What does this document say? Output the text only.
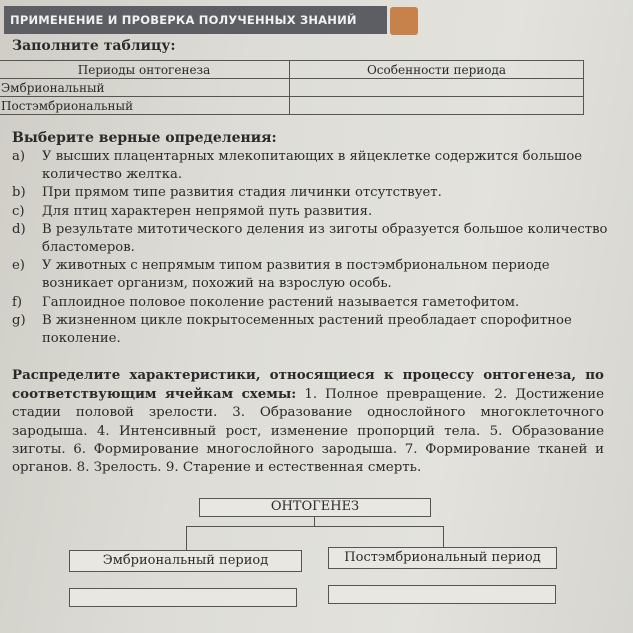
ПРИМЕНЕНИЕ И ПРОВЕРКА ПОЛУЧЕННЫХ ЗНАНИЙ
Заполните таблицу:
Периоды онтогенеза	Особенности периода
Эмбриональный	
Постэмбриональный	
Выберите верные определения:
a)	У высших плацентарных млекопитающих в яйцеклетке содержится большое количество желтка.
b)	При прямом типе развития стадия личинки отсутствует.
c)	Для птиц характерен непрямой путь развития.
d)	В результате митотического деления из зиготы образуется большое количество бластомеров.
e)	У животных с непрямым типом развития в постэмбриональном периоде возникает организм, похожий на взрослую особь.
f)	Гаплоидное половое поколение растений называется гаметофитом.
g)	В жизненном цикле покрытосеменных растений преобладает спорофитное поколение.
Распределите характеристики, относящиеся к процессу онтогенеза, по соответствующим ячейкам схемы: 1. Полное превращение. 2. Достижение стадии половой зрелости. 3. Образование однослойного многоклеточного зародыша. 4. Интенсивный рост, изменение пропорций тела. 5. Образование зиготы. 6. Формирование многослойного зародыша. 7. Формирование тканей и органов. 8. Зрелость. 9. Старение и естественная смерть.
ОНТОГЕНЕЗ
Эмбриональный период	Постэмбриональный период
